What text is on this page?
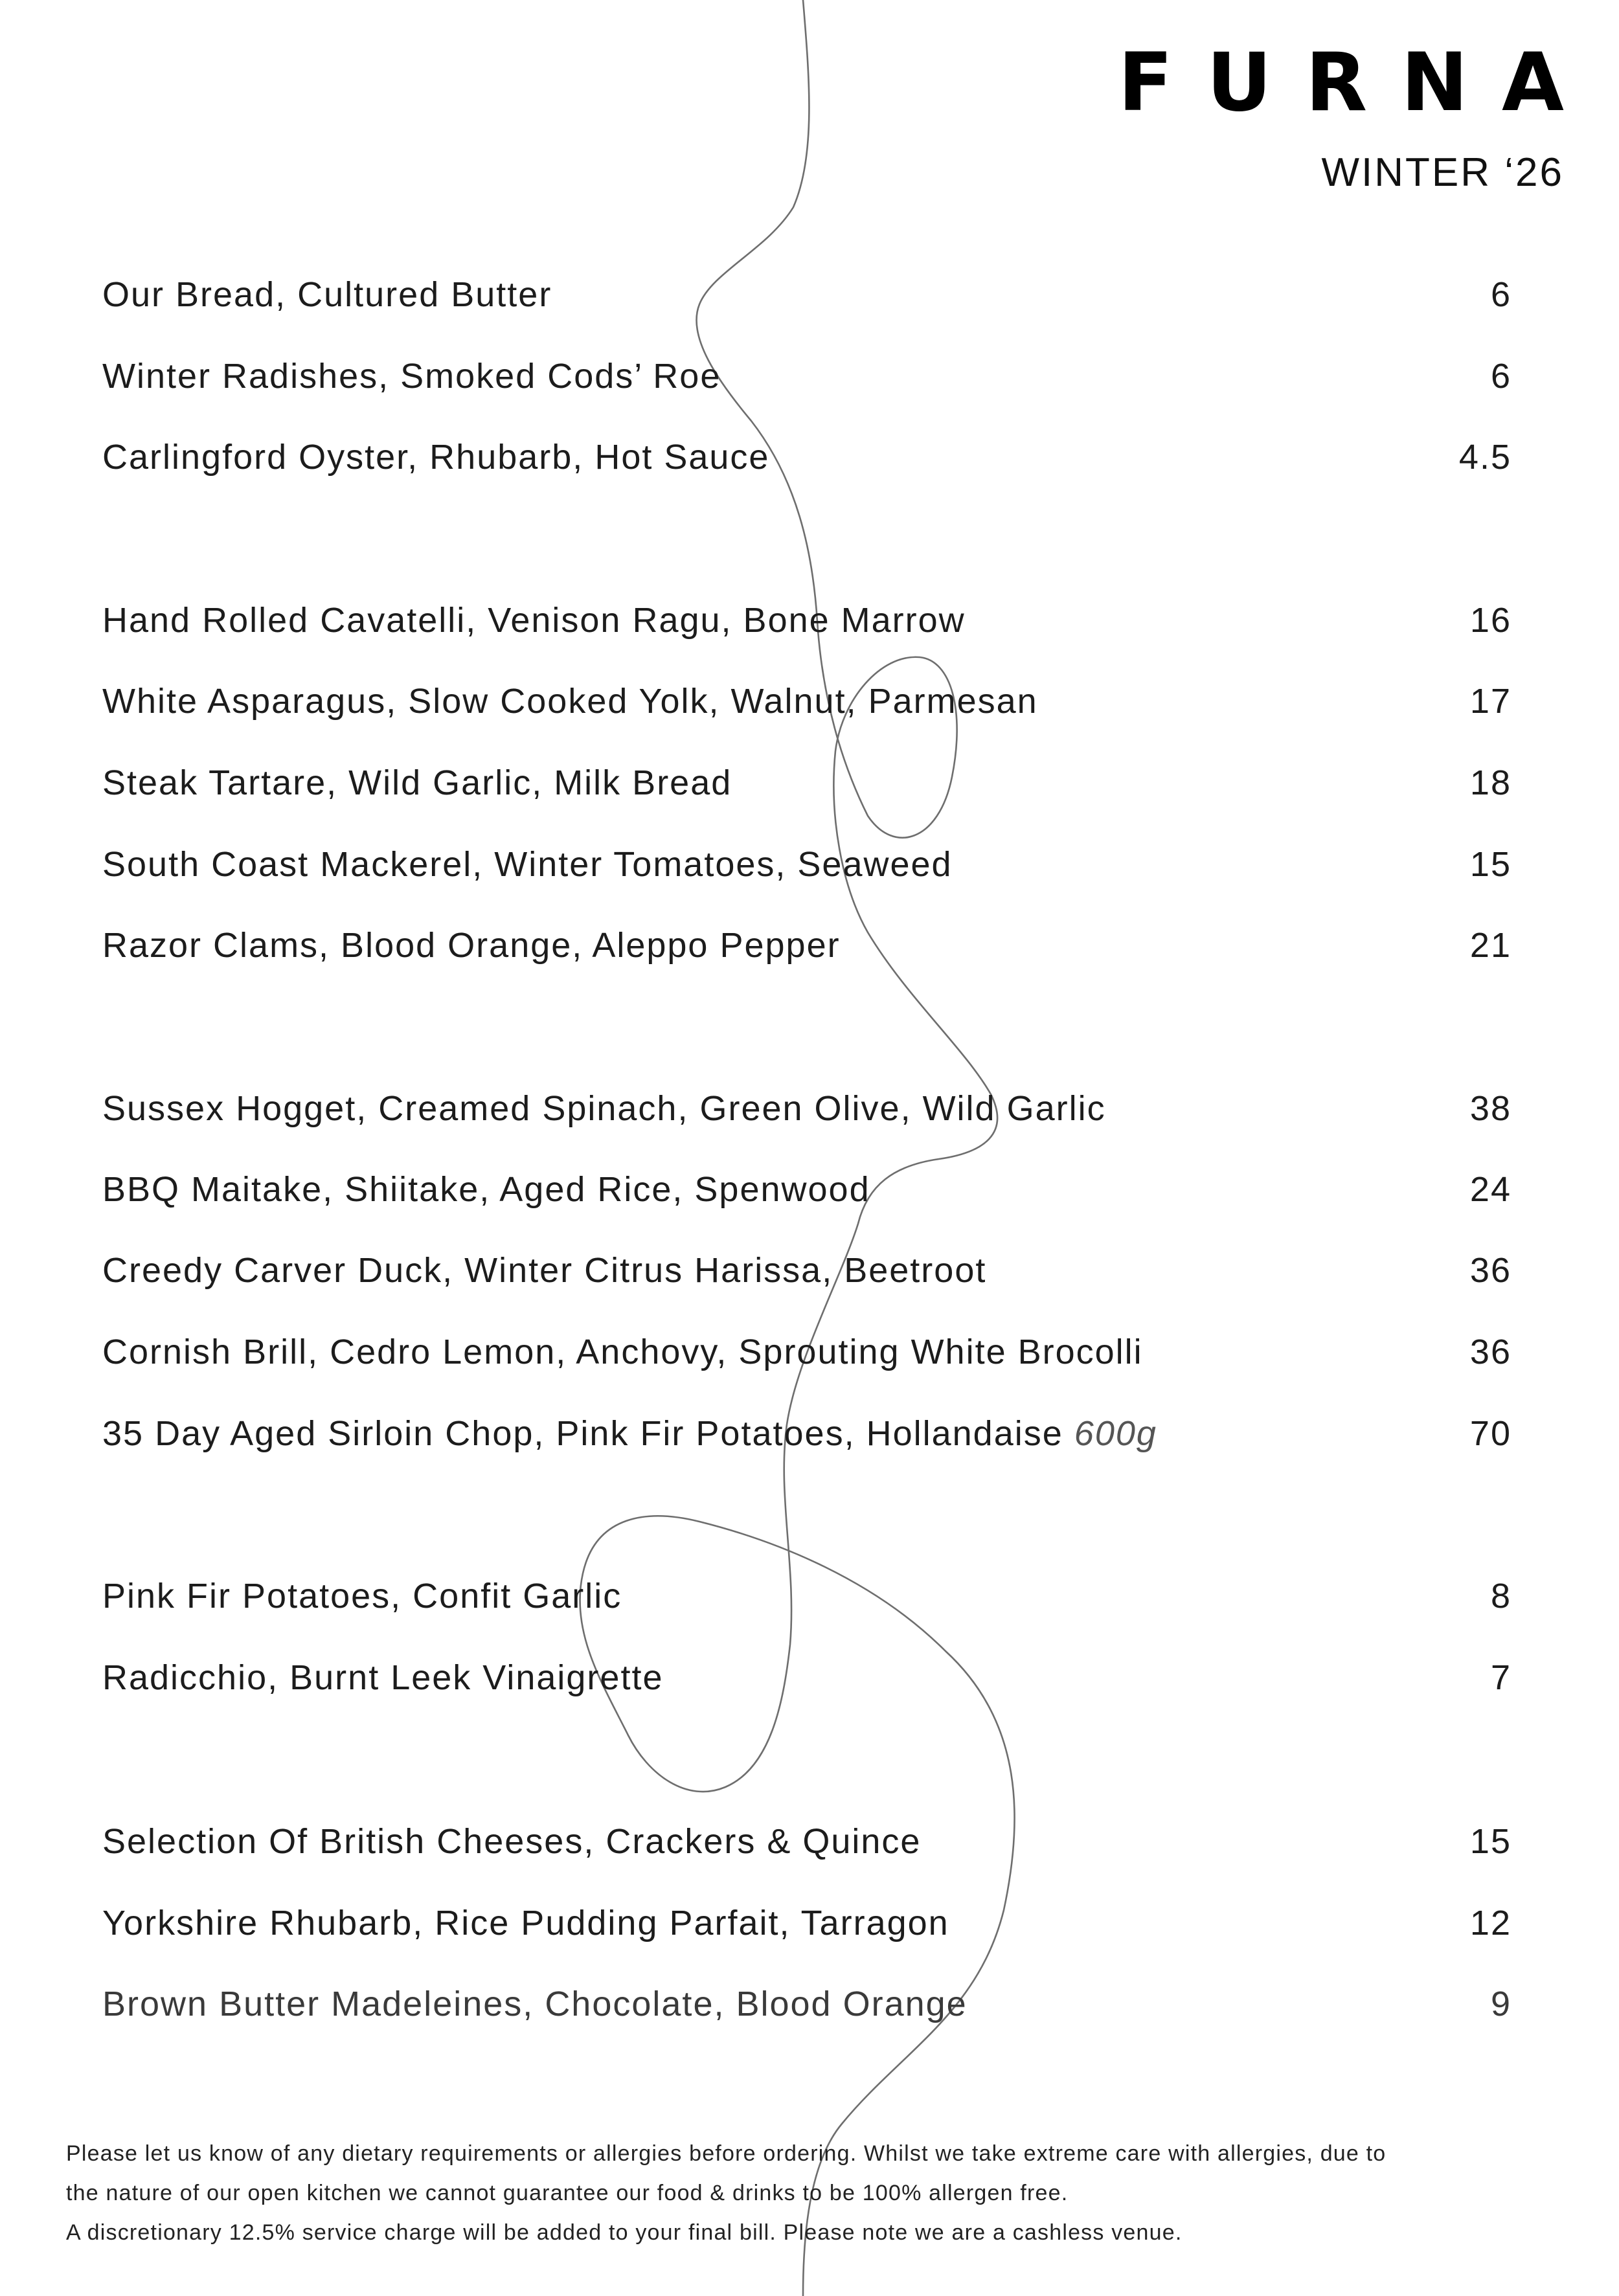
FURNA
WINTER ‘26
Our Bread, Cultured Butter	6
Winter Radishes, Smoked Cods’ Roe	6
Carlingford Oyster, Rhubarb, Hot Sauce	4.5
Hand Rolled Cavatelli, Venison Ragu, Bone Marrow	16
White Asparagus, Slow Cooked Yolk, Walnut, Parmesan	17
Steak Tartare, Wild Garlic, Milk Bread	18
South Coast Mackerel, Winter Tomatoes, Seaweed	15
Razor Clams, Blood Orange, Aleppo Pepper	21
Sussex Hogget, Creamed Spinach, Green Olive, Wild Garlic	38
BBQ Maitake, Shiitake, Aged Rice, Spenwood	24
Creedy Carver Duck, Winter Citrus Harissa, Beetroot	36
Cornish Brill, Cedro Lemon, Anchovy, Sprouting White Brocolli	36
35 Day Aged Sirloin Chop, Pink Fir Potatoes, Hollandaise 600g	70
Pink Fir Potatoes, Confit Garlic	8
Radicchio, Burnt Leek Vinaigrette	7
Selection Of British Cheeses, Crackers & Quince	15
Yorkshire Rhubarb, Rice Pudding Parfait, Tarragon	12
Brown Butter Madeleines, Chocolate, Blood Orange	9

Please let us know of any dietary requirements or allergies before ordering. Whilst we take extreme care with allergies, due to

the nature of our open kitchen we cannot guarantee our food & drinks to be 100% allergen free.

A discretionary 12.5% service charge will be added to your final bill. Please note we are a cashless venue.
